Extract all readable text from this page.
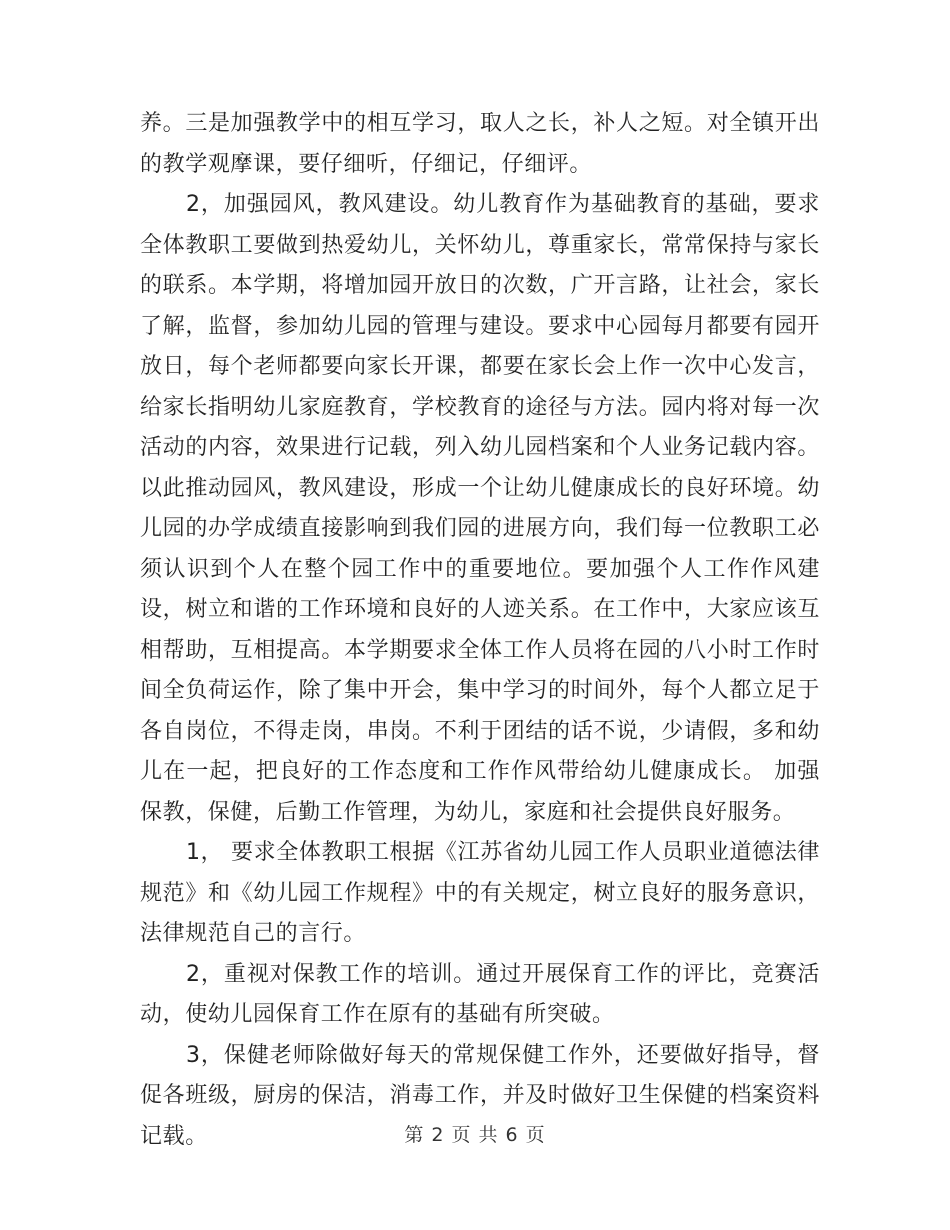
养。三是加强教学中的相互学习，取人之长，补人之短。对全镇开出的教学观摩课，要仔细听，仔细记，仔细评。

2，加强园风，教风建设。幼儿教育作为基础教育的基础，要求全体教职工要做到热爱幼儿，关怀幼儿，尊重家长，常常保持与家长的联系。本学期，将增加园开放日的次数，广开言路，让社会，家长了解，监督，参加幼儿园的管理与建设。要求中心园每月都要有园开放日，每个老师都要向家长开课，都要在家长会上作一次中心发言，给家长指明幼儿家庭教育，学校教育的途径与方法。园内将对每一次活动的内容，效果进行记载，列入幼儿园档案和个人业务记载内容。以此推动园风，教风建设，形成一个让幼儿健康成长的良好环境。幼儿园的办学成绩直接影响到我们园的进展方向，我们每一位教职工必须认识到个人在整个园工作中的重要地位。要加强个人工作作风建设，树立和谐的工作环境和良好的人迹关系。在工作中，大家应该互相帮助，互相提高。本学期要求全体工作人员将在园的八小时工作时间全负荷运作，除了集中开会，集中学习的时间外，每个人都立足于各自岗位，不得走岗，串岗。不利于团结的话不说，少请假，多和幼儿在一起，把良好的工作态度和工作作风带给幼儿健康成长。 加强保教，保健，后勤工作管理，为幼儿，家庭和社会提供良好服务。

1， 要求全体教职工根据《江苏省幼儿园工作人员职业道德法律规范》和《幼儿园工作规程》中的有关规定，树立良好的服务意识，法律规范自己的言行。

2，重视对保教工作的培训。通过开展保育工作的评比，竞赛活动，使幼儿园保育工作在原有的基础有所突破。

3，保健老师除做好每天的常规保健工作外，还要做好指导，督促各班级，厨房的保洁，消毒工作，并及时做好卫生保健的档案资料记载。	第 2 页 共 6 页
